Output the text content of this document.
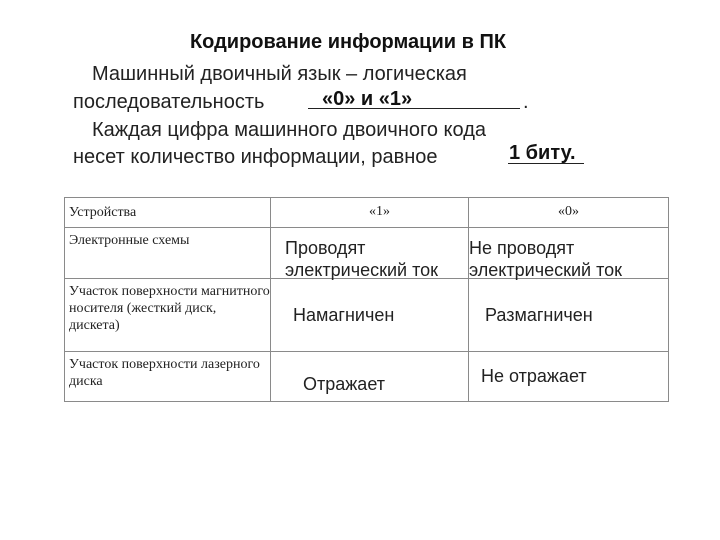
Кодирование информации в ПК
Машинный двоичный язык – логическая
последовательность	«0» и «1»	.
Каждая цифра машинного двоичного кода
несет количество информации, равное	1 биту.
Устройства	«1»	«0»
Электронные схемы	Проводят электрический ток	Не проводят электрический ток

Участок поверхности магнитного носителя (жесткий диск, дискета)	Намагничен	Размагничен

Участок поверхности лазерного диска	Отражает	Не отражает
